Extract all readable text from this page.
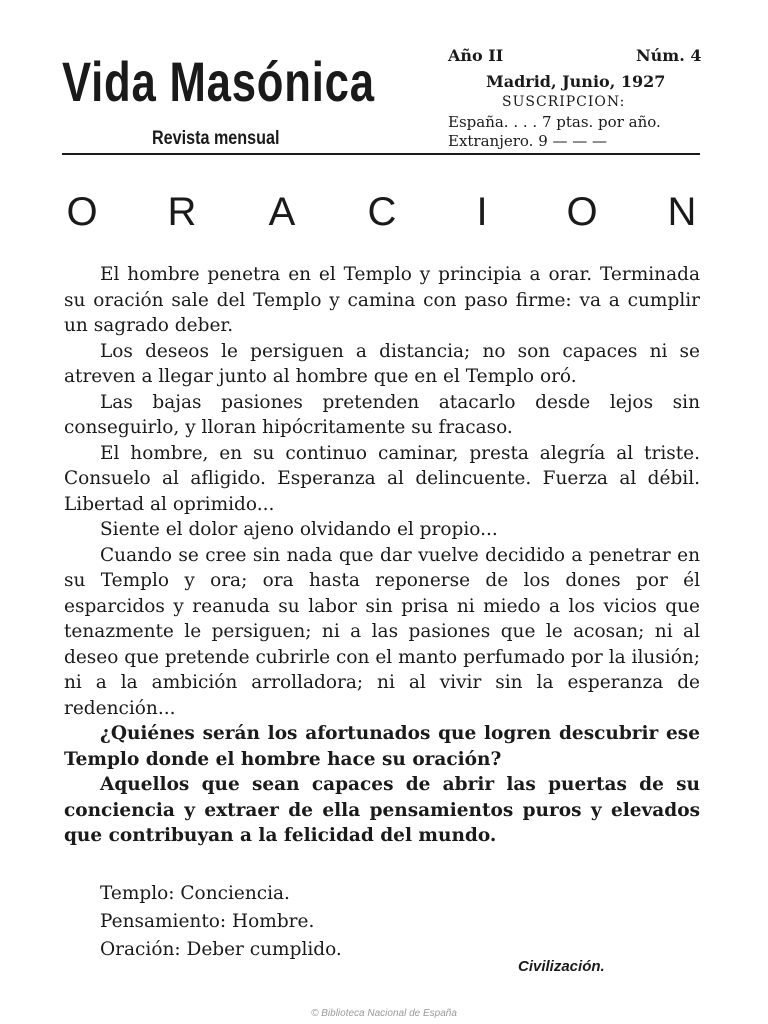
Vida Masónica
Revista mensual
Año II	Núm. 4
Madrid, Junio, 1927
SUSCRIPCION:
España. . . . 7 ptas. por año.
Extranjero. 9 — — —
O R A C	I	O N

El hombre penetra en el Templo y principia a orar. Terminada su oración sale del Templo y camina con paso firme: va a cumplir un sagrado deber.

Los deseos le persiguen a distancia; no son capaces ni se atreven a llegar junto al hombre que en el Templo oró.

Las bajas pasiones pretenden atacarlo desde lejos sin conseguirlo, y lloran hipócritamente su fracaso.

El hombre, en su continuo caminar, presta alegría al triste. Consuelo al afligido. Esperanza al delincuente. Fuerza al débil. Libertad al oprimido...

Siente el dolor ajeno olvidando el propio...

Cuando se cree sin nada que dar vuelve decidido a penetrar en su Templo y ora; ora hasta reponerse de los dones por él esparcidos y reanuda su labor sin prisa ni miedo a los vicios que tenazmente le persiguen; ni a las pasiones que le acosan; ni al deseo que pretende cubrirle con el manto perfumado por la ilusión; ni a la ambición arrolladora; ni al vivir sin la esperanza de redención...

¿Quiénes serán los afortunados que logren descubrir ese Templo donde el hombre hace su oración?

Aquellos que sean capaces de abrir las puertas de su conciencia y extraer de ella pensamientos puros y elevados que contribuyan a la felicidad del mundo.

Templo: Conciencia.
Pensamiento: Hombre.
Oración: Deber cumplido.
Civilización.
© Biblioteca Nacional de España
